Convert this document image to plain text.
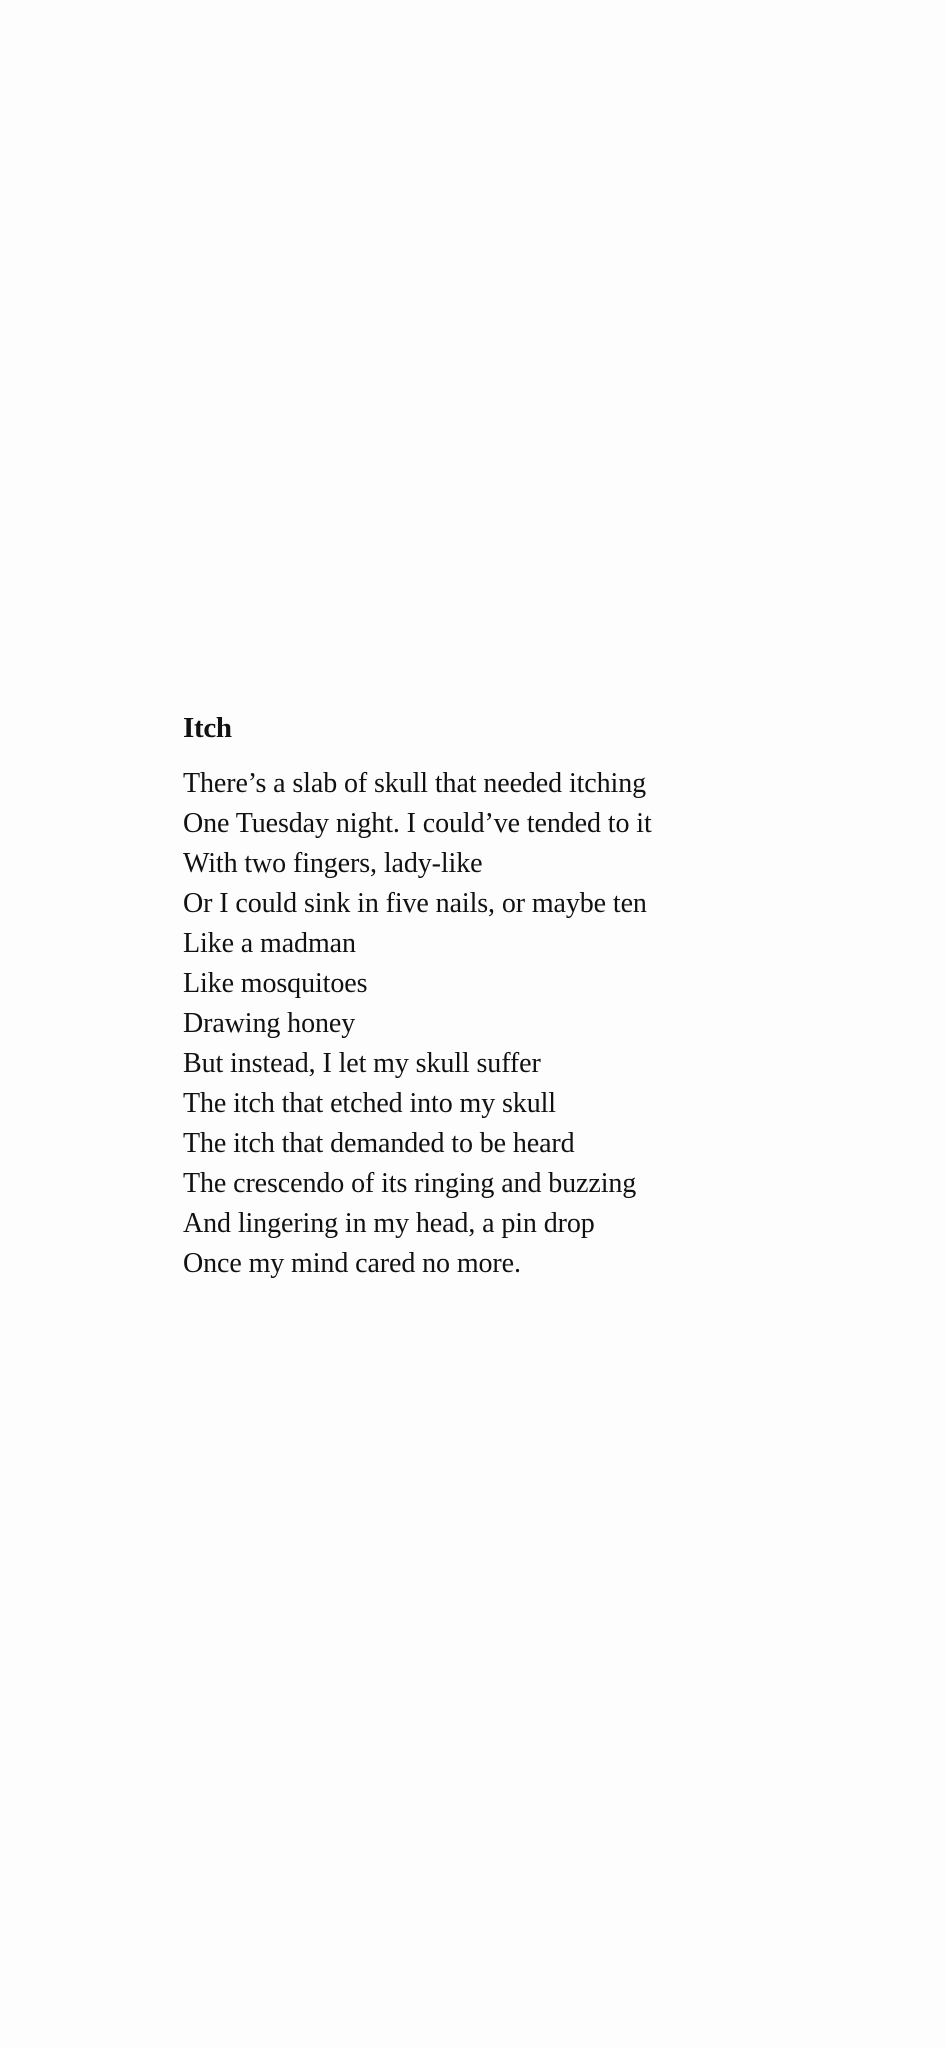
Itch
There’s a slab of skull that needed itching
One Tuesday night. I could’ve tended to it
With two fingers, lady-like
Or I could sink in five nails, or maybe ten
Like a madman
Like mosquitoes
Drawing honey
But instead, I let my skull suffer
The itch that etched into my skull
The itch that demanded to be heard
The crescendo of its ringing and buzzing
And lingering in my head, a pin drop
Once my mind cared no more.
